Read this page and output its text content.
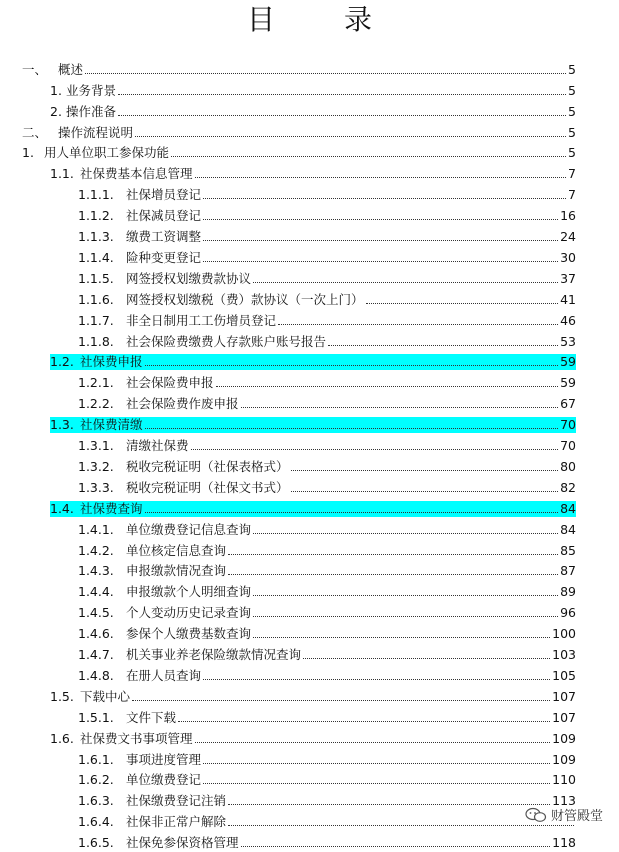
目 录
一、 概述	5
1. 业务背景	5
2. 操作准备	5
二、 操作流程说明	5
1. 用人单位职工参保功能	5
1.1. 社保费基本信息管理	7
1.1.1. 社保增员登记	7
1.1.2. 社保减员登记	16
1.1.3. 缴费工资调整	24
1.1.4. 险种变更登记	30
1.1.5. 网签授权划缴费款协议	37
1.1.6. 网签授权划缴税（费）款协议（一次上门）	41
1.1.7. 非全日制用工工伤增员登记	46
1.1.8. 社会保险费缴费人存款账户账号报告	53
1.2. 社保费申报	59
1.2.1. 社会保险费申报	59
1.2.2. 社会保险费作废申报	67
1.3. 社保费清缴	70
1.3.1. 清缴社保费	70
1.3.2. 税收完税证明（社保表格式）	80
1.3.3. 税收完税证明（社保文书式）	82
1.4. 社保费查询	84
1.4.1. 单位缴费登记信息查询	84
1.4.2. 单位核定信息查询	85
1.4.3. 申报缴款情况查询	87
1.4.4. 申报缴款个人明细查询	89
1.4.5. 个人变动历史记录查询	96
1.4.6. 参保个人缴费基数查询	100
1.4.7. 机关事业养老保险缴款情况查询	103
1.4.8. 在册人员查询	105
1.5. 下载中心	107
1.5.1. 文件下载	107
1.6. 社保费文书事项管理	109
1.6.1. 事项进度管理	109
1.6.2. 单位缴费登记	110
1.6.3. 社保缴费登记注销	113
1.6.4. 社保非正常户解除
1.6.5. 社保免参保资格管理	118
财管殿堂
